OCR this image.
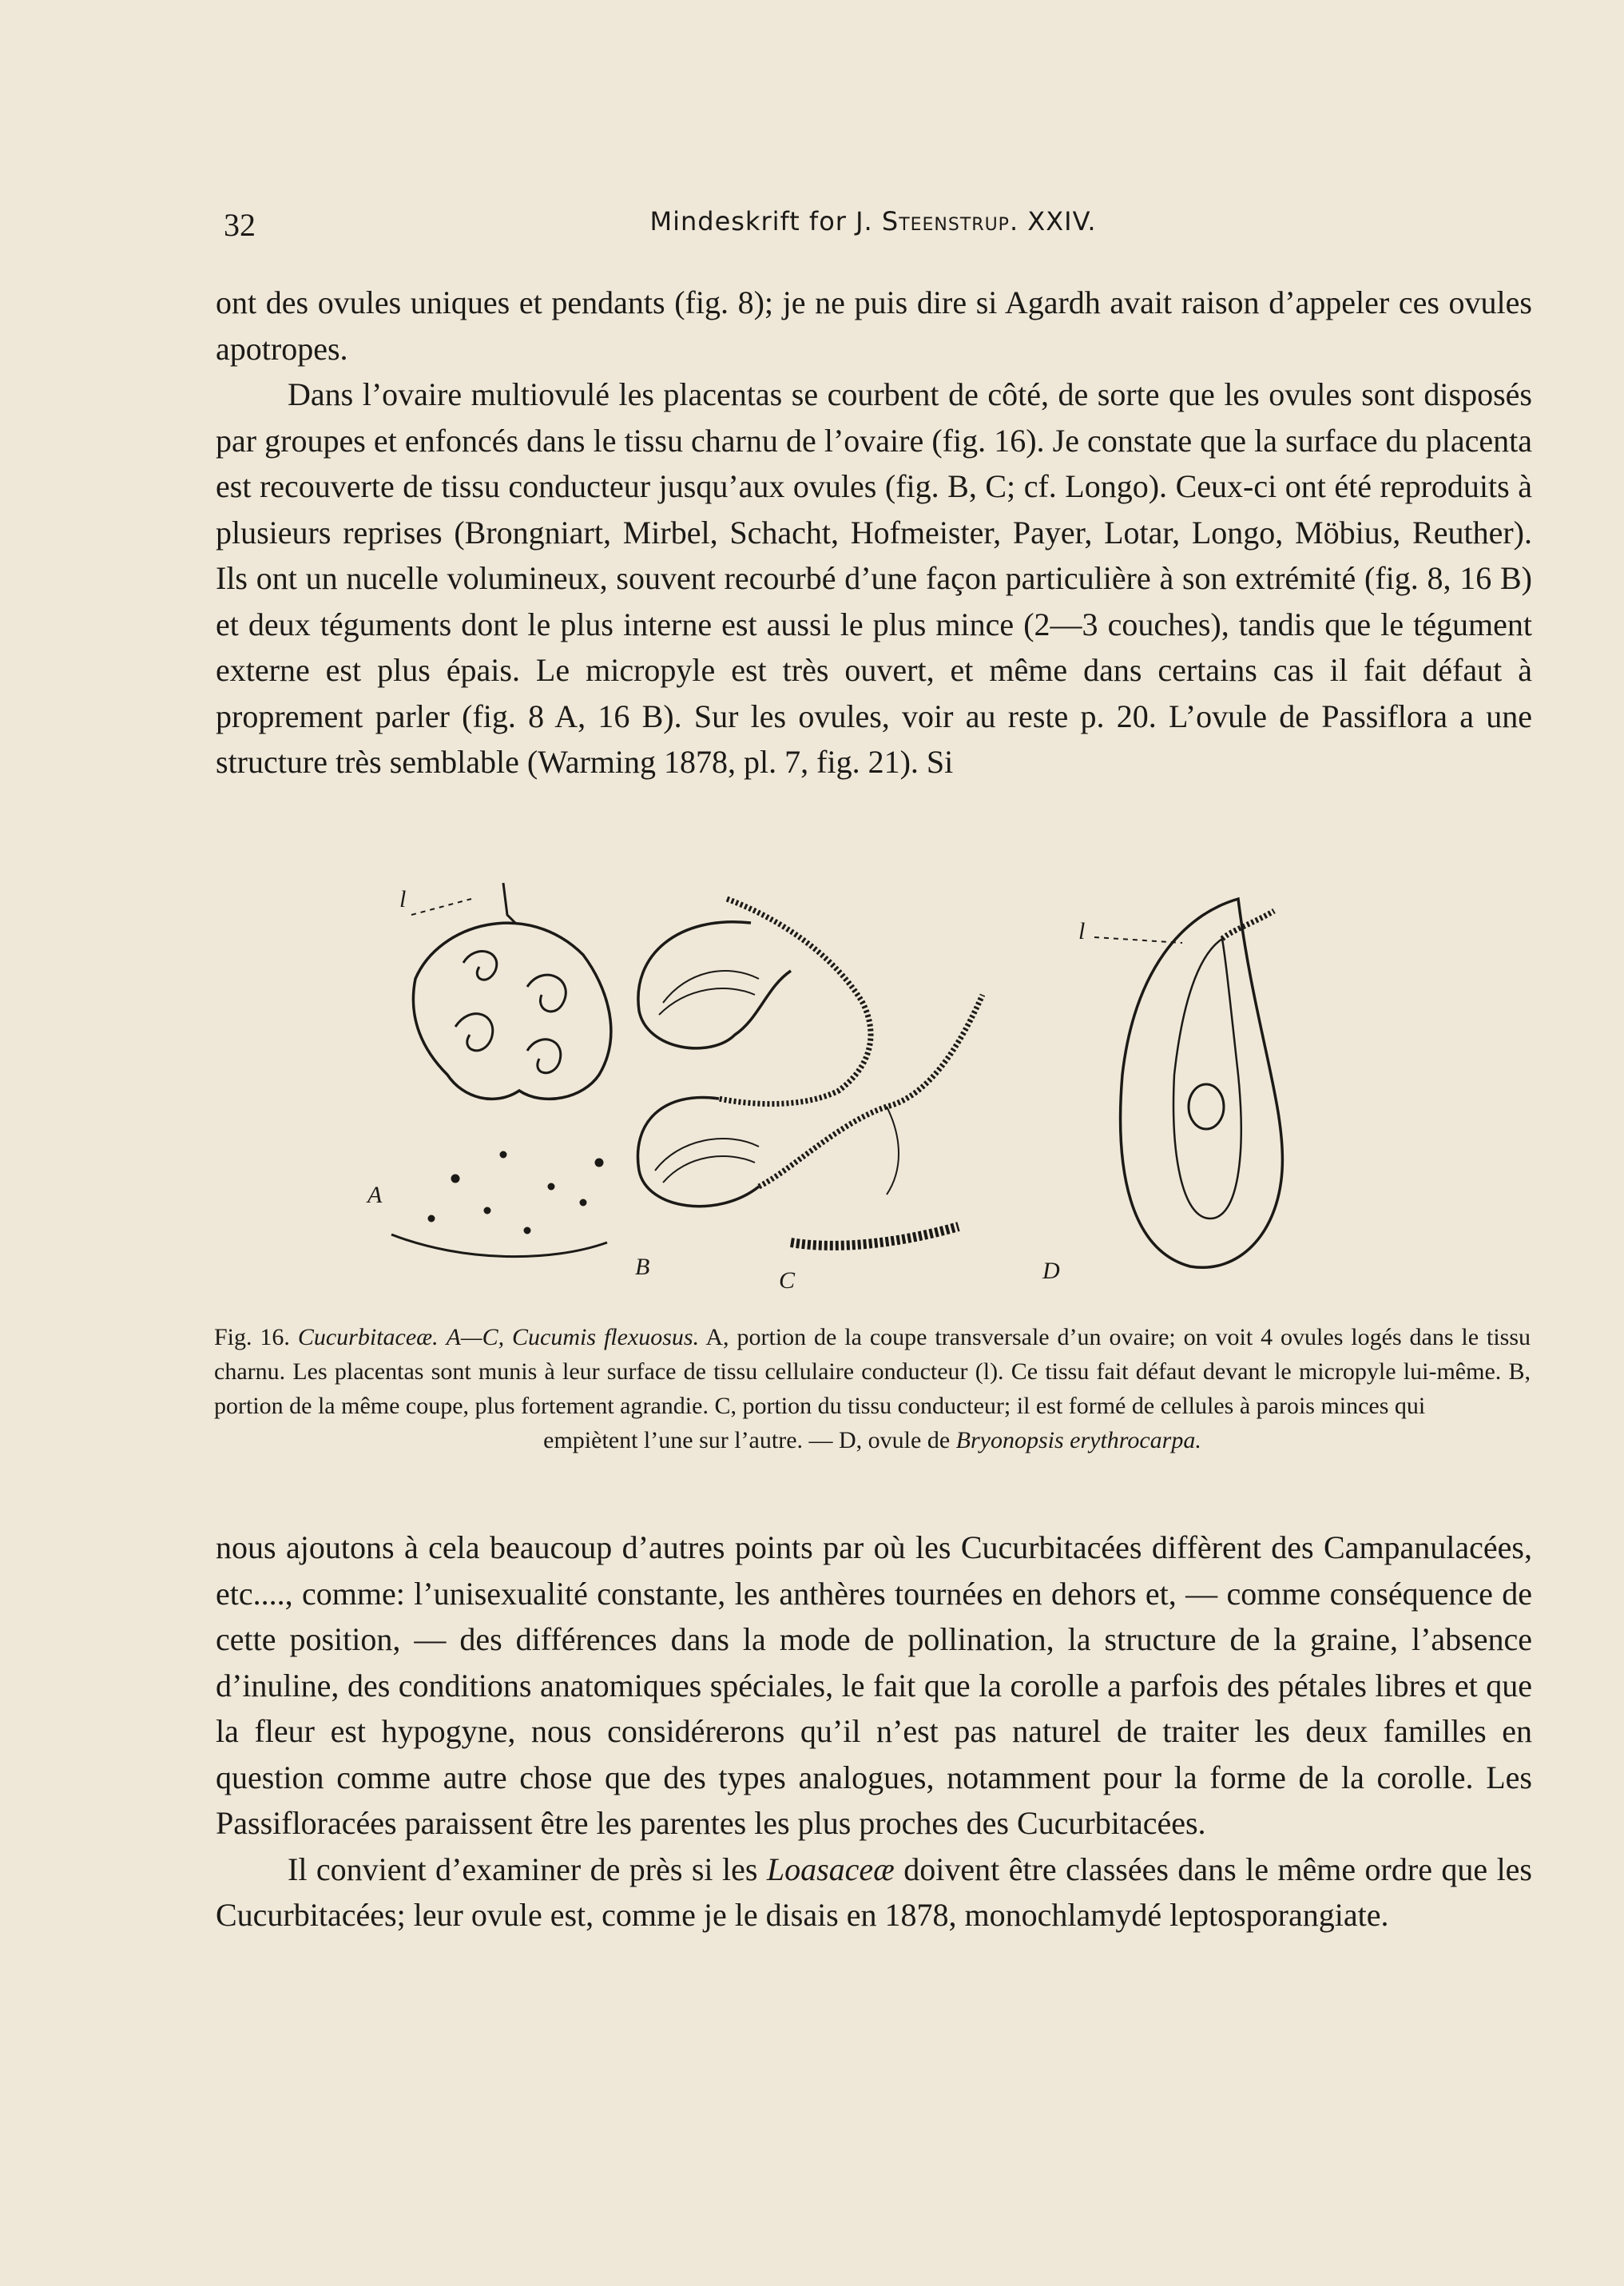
32	Mindeskrift for J. Steenstrup. XXIV.

ont des ovules uniques et pendants (fig. 8); je ne puis dire si Agardh avait raison d’appeler ces ovules apotropes.

Dans l’ovaire multiovulé les placentas se courbent de côté, de sorte que les ovules sont disposés par groupes et enfoncés dans le tissu charnu de l’ovaire (fig. 16). Je constate que la surface du placenta est recouverte de tissu conducteur jusqu’aux ovules (fig. B, C; cf. Longo). Ceux-ci ont été reproduits à plusieurs reprises (Brongniart, Mirbel, Schacht, Hofmeister, Payer, Lotar, Longo, Möbius, Reuther). Ils ont un nucelle volumineux, souvent recourbé d’une façon particulière à son extrémité (fig. 8, 16 B) et deux téguments dont le plus interne est aussi le plus mince (2—3 couches), tandis que le tégument externe est plus épais. Le micropyle est très ouvert, et même dans certains cas il fait défaut à proprement parler (fig. 8 A, 16 B). Sur les ovules, voir au reste p. 20. L’ovule de Passiflora a une structure très semblable (Warming 1878, pl. 7, fig. 21). Si

l
l
A
B
C	D

Fig. 16. Cucurbitaceæ. A—C, Cucumis flexuosus. A, portion de la coupe transversale d’un ovaire; on voit 4 ovules logés dans le tissu charnu. Les placentas sont munis à leur surface de tissu cellulaire conducteur (l). Ce tissu fait défaut devant le micropyle lui-même. B, portion de la même coupe, plus fortement agrandie. C, portion du tissu conducteur; il est formé de cellules à parois minces qui

empiètent l’une sur l’autre. — D, ovule de Bryonopsis erythrocarpa.

nous ajoutons à cela beaucoup d’autres points par où les Cucurbitacées diffèrent des Campanulacées, etc...., comme: l’unisexualité constante, les anthères tournées en dehors et, — comme conséquence de cette position, — des différences dans la mode de pollination, la structure de la graine, l’absence d’inuline, des conditions anatomiques spéciales, le fait que la corolle a parfois des pétales libres et que la fleur est hypogyne, nous considérerons qu’il n’est pas naturel de traiter les deux familles en question comme autre chose que des types analogues, notamment pour la forme de la corolle. Les Passifloracées paraissent être les parentes les plus proches des Cucurbitacées.

Il convient d’examiner de près si les Loasaceæ doivent être classées dans le même ordre que les Cucurbitacées; leur ovule est, comme je le disais en 1878, monochlamydé leptosporangiate.
